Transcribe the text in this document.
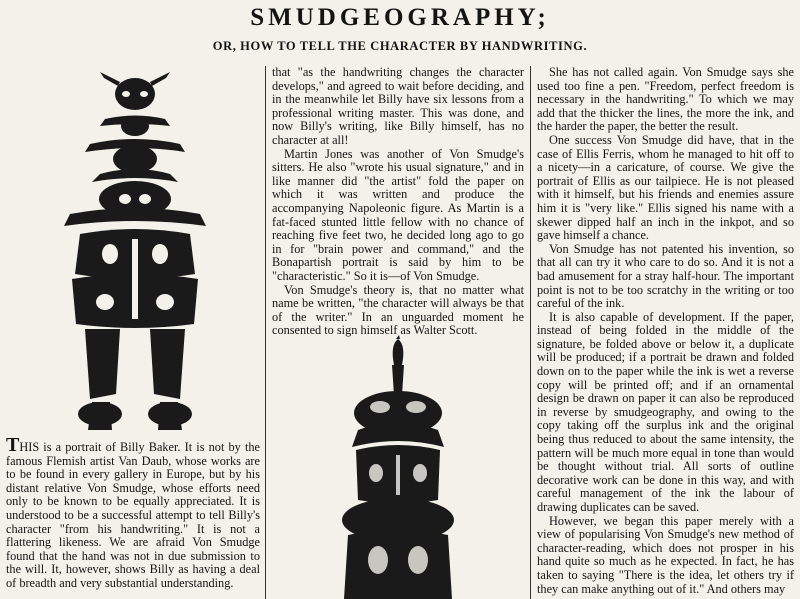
SMUDGEOGRAPHY;
OR, HOW TO TELL THE CHARACTER BY HANDWRITING.

THIS is a portrait of Billy Baker. It is not by the famous Flemish artist Van Daub, whose works are to be found in every gallery in Europe, but by his distant relative Von Smudge, whose efforts need only to be known to be equally appreciated. It is understood to be a successful attempt to tell Billy's character "from his handwriting." It is not a flattering likeness. We are afraid Von Smudge found that the hand was not in due submission to the will. It, however, shows Billy as having a deal of breadth and very substantial understanding.

that "as the handwriting changes the character develops," and agreed to wait before deciding, and in the meanwhile let Billy have six lessons from a professional writing master. This was done, and now Billy's writing, like Billy himself, has no character at all!

Martin Jones was another of Von Smudge's sitters. He also "wrote his usual signature," and in like manner did "the artist" fold the paper on which it was written and produce the accompanying Napoleonic figure. As Martin is a fat-faced stunted little fellow with no chance of reaching five feet two, he decided long ago to go in for "brain power and command," and the Bonapartish portrait is said by him to be "characteristic." So it is—of Von Smudge.

Von Smudge's theory is, that no matter what name be written, "the character will always be that of the writer." In an unguarded moment he consented to sign himself as Walter Scott.

She has not called again. Von Smudge says she used too fine a pen. "Freedom, perfect freedom is necessary in the handwriting." To which we may add that the thicker the lines, the more the ink, and the harder the paper, the better the result.

One success Von Smudge did have, that in the case of Ellis Ferris, whom he managed to hit off to a nicety—in a caricature, of course. We give the portrait of Ellis as our tailpiece. He is not pleased with it himself, but his friends and enemies assure him it is "very like." Ellis signed his name with a skewer dipped half an inch in the inkpot, and so gave himself a chance.

Von Smudge has not patented his invention, so that all can try it who care to do so. And it is not a bad amusement for a stray half-hour. The important point is not to be too scratchy in the writing or too careful of the ink.

It is also capable of development. If the paper, instead of being folded in the middle of the signature, be folded above or below it, a duplicate will be produced; if a portrait be drawn and folded down on to the paper while the ink is wet a reverse copy will be printed off; and if an ornamental design be drawn on paper it can also be reproduced in reverse by smudgeography, and owing to the copy taking off the surplus ink and the original being thus reduced to about the same intensity, the pattern will be much more equal in tone than would be thought without trial. All sorts of outline decorative work can be done in this way, and with careful management of the ink the labour of drawing duplicates can be saved.

However, we began this paper merely with a view of popularising Von Smudge's new method of character-reading, which does not prosper in his hand quite so much as he expected. In fact, he has taken to saying "There is the idea, let others try if they can make anything out of it." And others may
